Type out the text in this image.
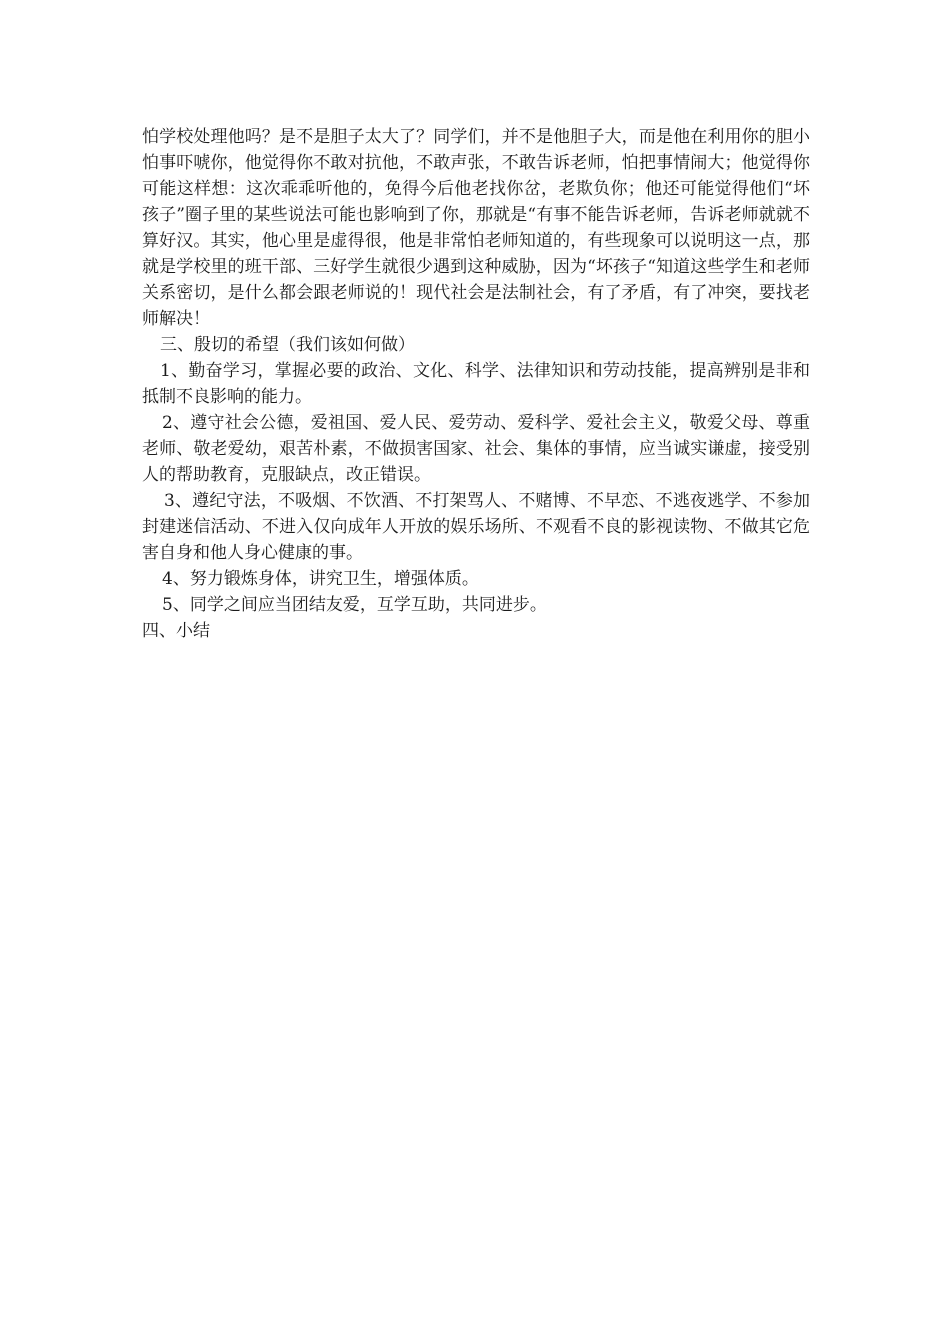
怕学校处理他吗？是不是胆子太大了？同学们，并不是他胆子大，而是他在利用你的胆小怕事吓唬你，他觉得你不敢对抗他，不敢声张，不敢告诉老师，怕把事情闹大；他觉得你可能这样想：这次乖乖听他的，免得今后他老找你岔，老欺负你；他还可能觉得他们“坏孩子”圈子里的某些说法可能也影响到了你，那就是“有事不能告诉老师，告诉老师就就不算好汉。其实，他心里是虚得很，他是非常怕老师知道的，有些现象可以说明这一点，那就是学校里的班干部、三好学生就很少遇到这种威胁，因为“坏孩子“知道这些学生和老师关系密切，是什么都会跟老师说的！现代社会是法制社会，有了矛盾，有了冲突，要找老师解决！

三、殷切的希望（我们该如何做）

1、勤奋学习，掌握必要的政治、文化、科学、法律知识和劳动技能，提高辨别是非和抵制不良影响的能力。

2、遵守社会公德，爱祖国、爱人民、爱劳动、爱科学、爱社会主义，敬爱父母、尊重老师、敬老爱幼，艰苦朴素，不做损害国家、社会、集体的事情，应当诚实谦虚，接受别人的帮助教育，克服缺点，改正错误。

3、遵纪守法，不吸烟、不饮酒、不打架骂人、不赌博、不早恋、不逃夜逃学、不参加封建迷信活动、不进入仅向成年人开放的娱乐场所、不观看不良的影视读物、不做其它危害自身和他人身心健康的事。

4、努力锻炼身体，讲究卫生，增强体质。

5、同学之间应当团结友爱，互学互助，共同进步。

四、小结
